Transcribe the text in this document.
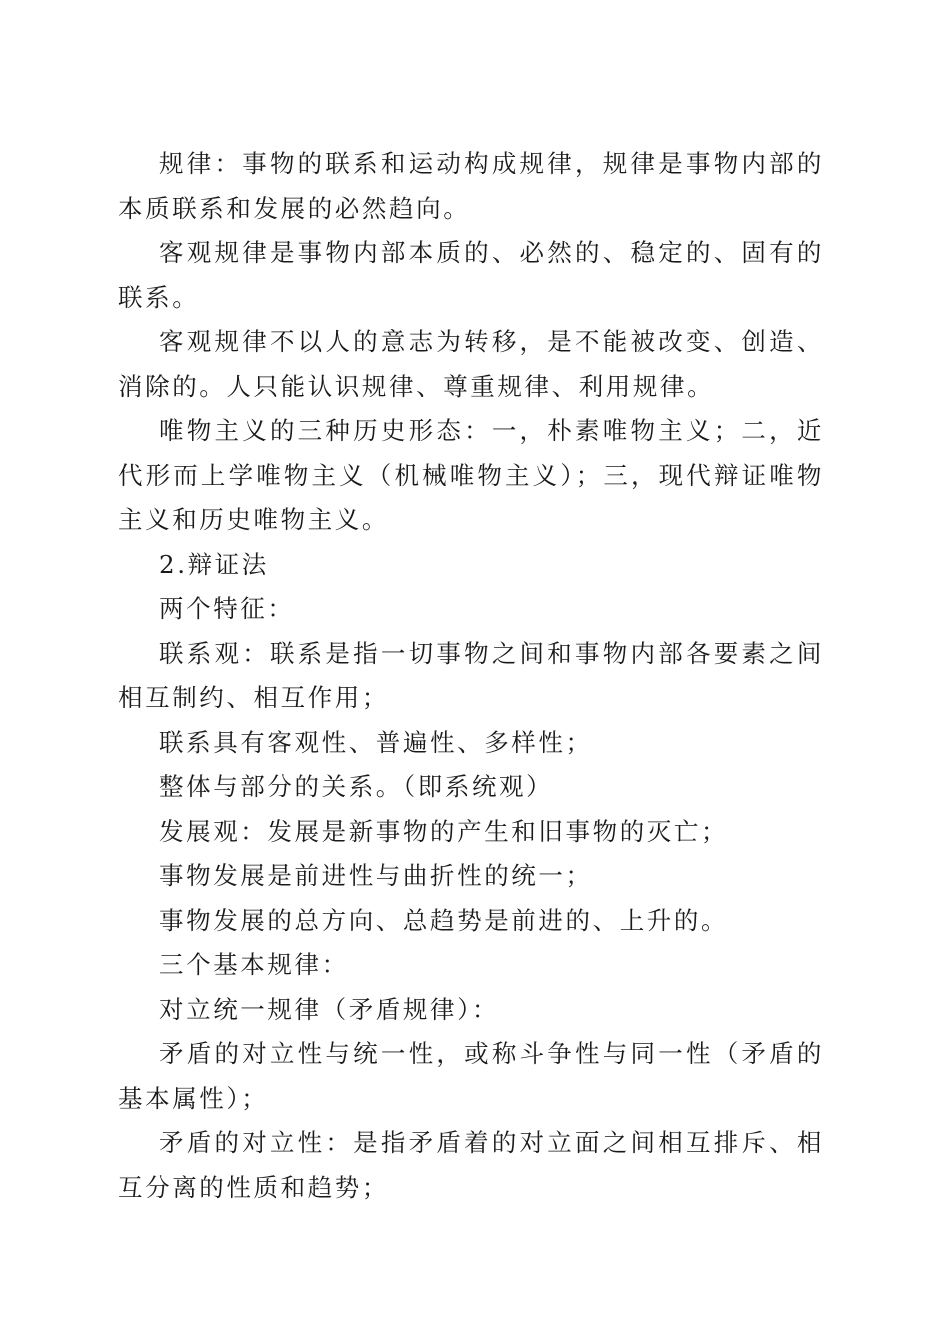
规律：事物的联系和运动构成规律，规律是事物内部的本质联系和发展的必然趋向。

客观规律是事物内部本质的、必然的、稳定的、固有的联系。

客观规律不以人的意志为转移，是不能被改变、创造、消除的。人只能认识规律、尊重规律、利用规律。

唯物主义的三种历史形态：一，朴素唯物主义；二，近代形而上学唯物主义（机械唯物主义）；三，现代辩证唯物主义和历史唯物主义。

2.辩证法

两个特征：

联系观：联系是指一切事物之间和事物内部各要素之间相互制约、相互作用；

联系具有客观性、普遍性、多样性；

整体与部分的关系。（即系统观）

发展观：发展是新事物的产生和旧事物的灭亡；

事物发展是前进性与曲折性的统一；

事物发展的总方向、总趋势是前进的、上升的。

三个基本规律：

对立统一规律（矛盾规律）：

矛盾的对立性与统一性，或称斗争性与同一性（矛盾的基本属性）；

矛盾的对立性：是指矛盾着的对立面之间相互排斥、相互分离的性质和趋势；
